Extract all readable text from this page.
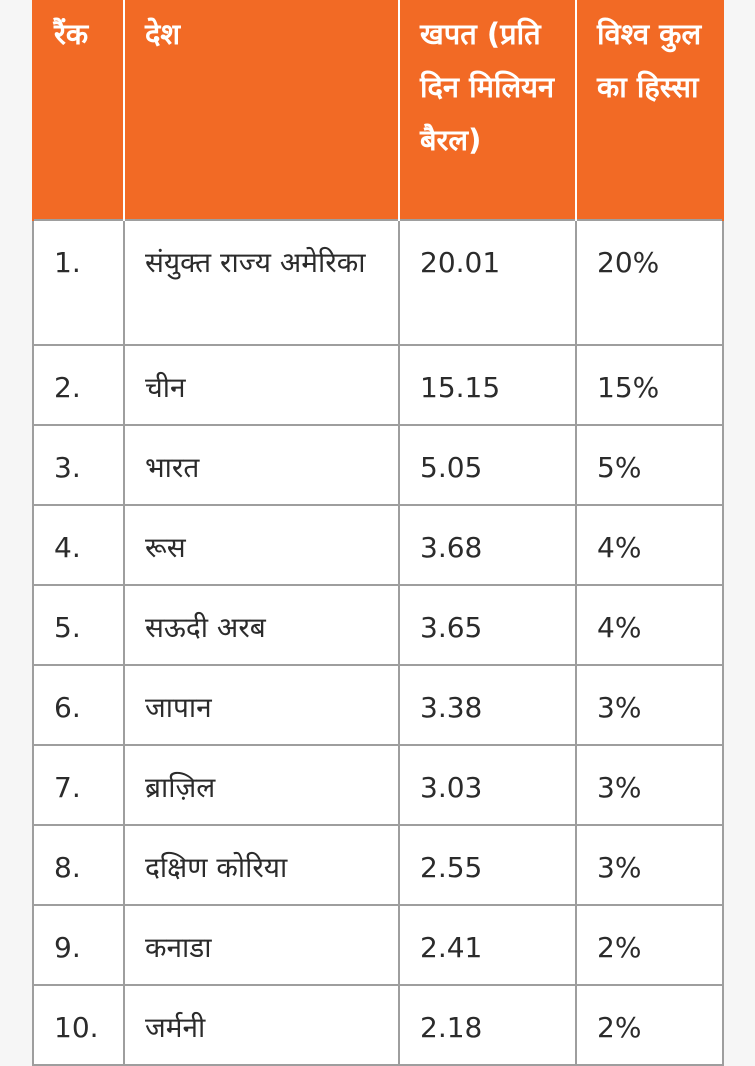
रैंक	देश	खपत (प्रति दिन मिलियन बैरल)	विश्व कुल का हिस्सा
1.	संयुक्त राज्य अमेरिका	20.01	20%
2.	चीन	15.15	15%
3.	भारत	5.05	5%
4.	रूस	3.68	4%
5.	सऊदी अरब	3.65	4%
6.	जापान	3.38	3%
7.	ब्राज़िल	3.03	3%
8.	दक्षिण कोरिया	2.55	3%
9.	कनाडा	2.41	2%
10.	जर्मनी	2.18	2%
